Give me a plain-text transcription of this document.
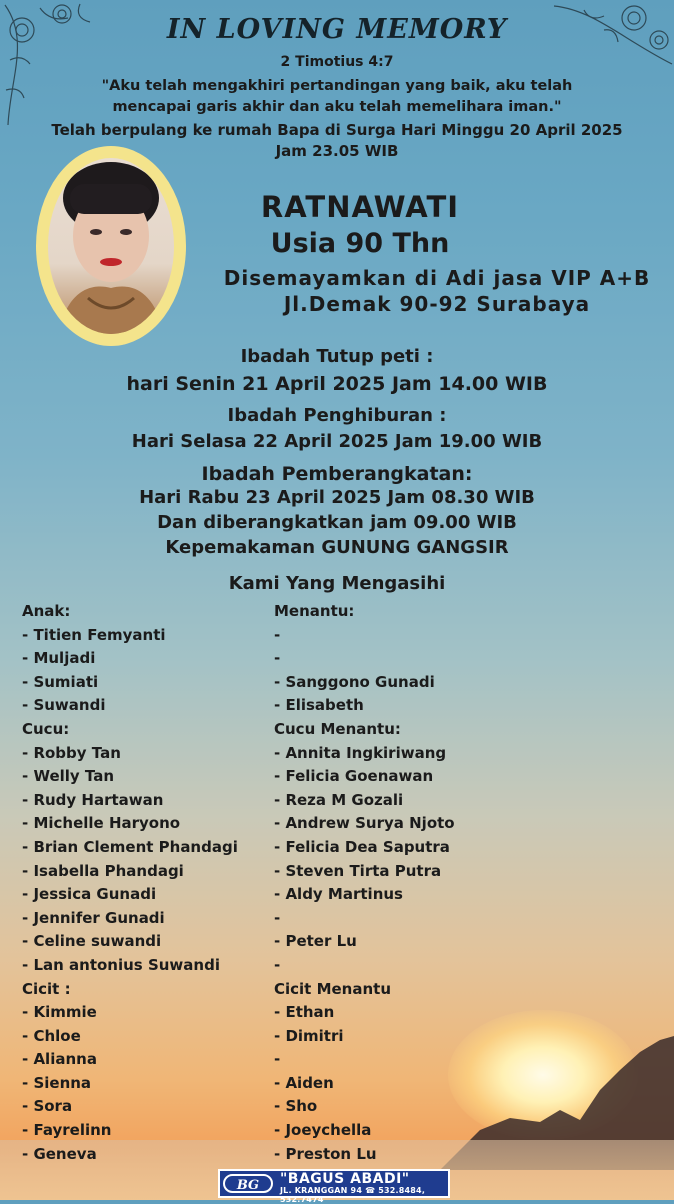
IN LOVING MEMORY

2 Timotius 4:7

"Aku telah mengakhiri pertandingan yang baik, aku telah
mencapai garis akhir dan aku telah memelihara iman."
Telah berpulang ke rumah Bapa di Surga Hari Minggu 20 April 2025
Jam 23.05 WIB

RATNAWATI

Usia 90 Thn

Disemayamkan di Adi jasa VIP A+B

Jl.Demak 90-92 Surabaya

Ibadah Tutup peti :

hari Senin 21 April 2025 Jam 14.00 WIB

Ibadah Penghiburan :

Hari Selasa 22 April 2025 Jam 19.00 WIB

Ibadah Pemberangkatan:

Hari Rabu 23 April 2025 Jam 08.30 WIB

Dan diberangkatkan jam 09.00 WIB

Kepemakaman GUNUNG GANGSIR

Kami Yang Mengasihi

Anak:
- Titien Femyanti
- Muljadi
- Sumiati
- Suwandi
Cucu:
- Robby Tan
- Welly Tan
- Rudy Hartawan
- Michelle Haryono
- Brian Clement Phandagi
- Isabella Phandagi
- Jessica Gunadi
- Jennifer Gunadi
- Celine suwandi
- Lan antonius Suwandi
Cicit :
- Kimmie
- Chloe
- Alianna
- Sienna
- Sora
- Fayrelinn
- Geneva
Menantu:
-
-
- Sanggono Gunadi
- Elisabeth
Cucu Menantu:
- Annita Ingkiriwang
- Felicia Goenawan
- Reza M Gozali
- Andrew Surya Njoto
- Felicia Dea Saputra
- Steven Tirta Putra
- Aldy Martinus
-
- Peter Lu
-
Cicit Menantu
- Ethan
- Dimitri
-
- Aiden
- Sho
- Joeychella
- Preston Lu
BG	"BAGUS ABADI"
JL. KRANGGAN 94 ☎ 532.8484, 532.7474
